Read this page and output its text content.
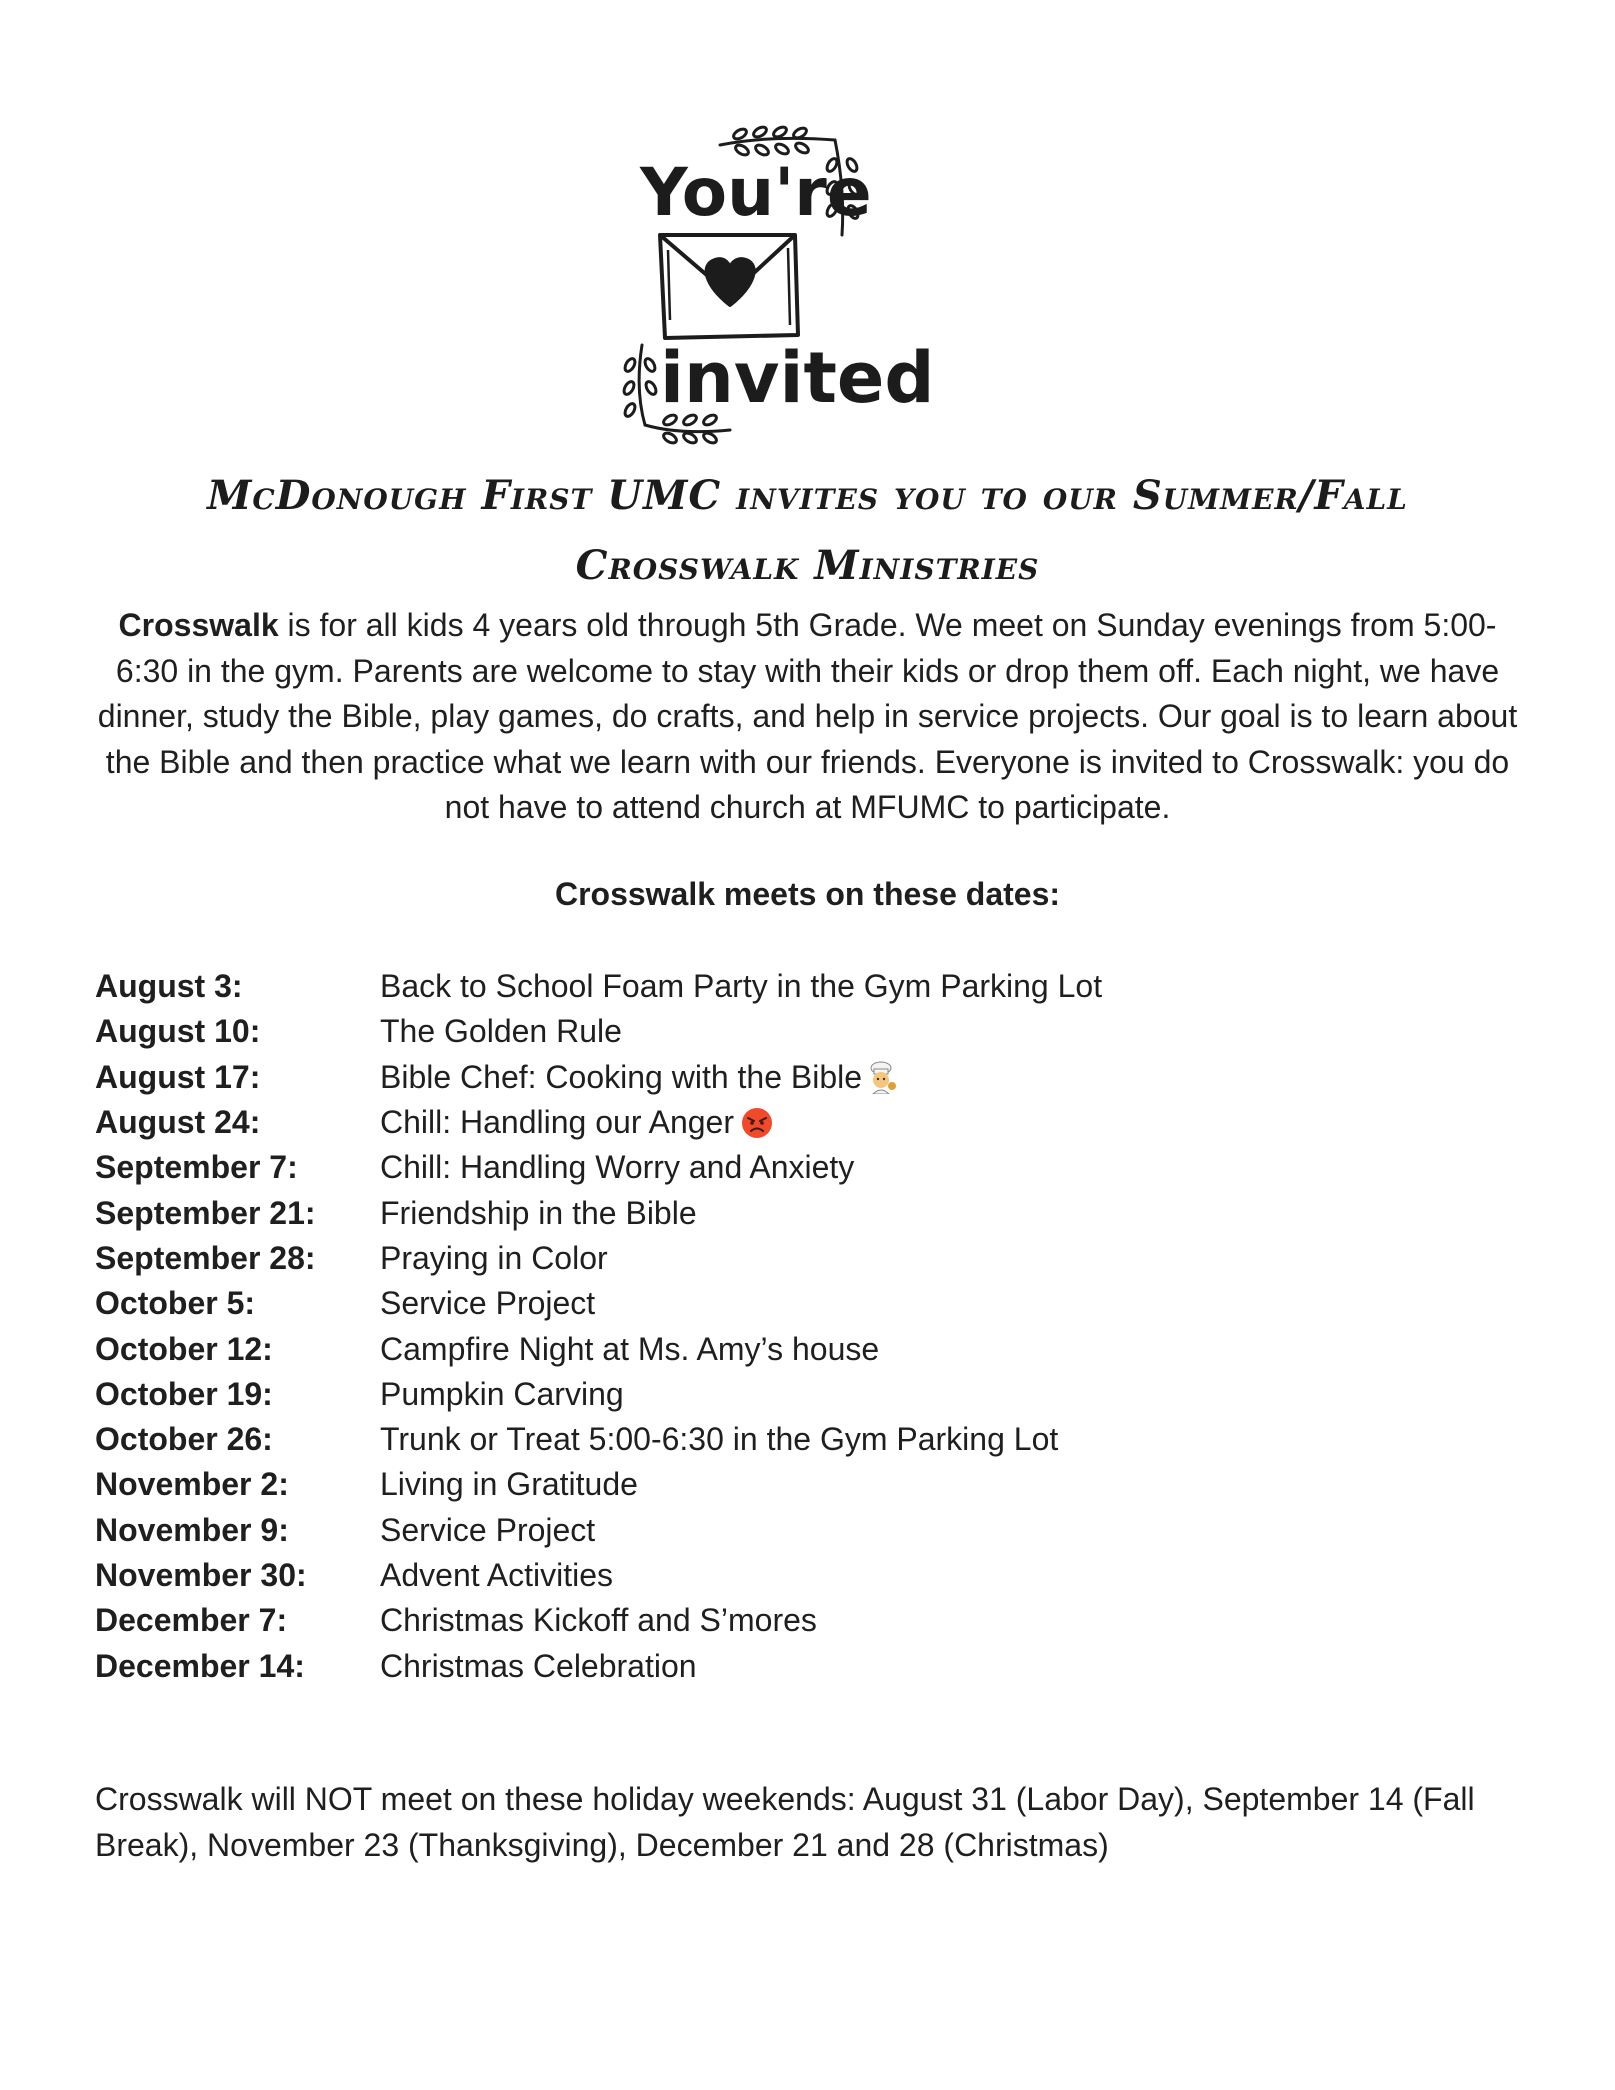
You're
invited
McDonough First UMC invites you to our Summer/Fall
Crosswalk Ministries
Crosswalk is for all kids 4 years old through 5th Grade. We meet on Sunday evenings from 5:00-6:30 in the gym. Parents are welcome to stay with their kids or drop them off. Each night, we have dinner, study the Bible, play games, do crafts, and help in service projects. Our goal is to learn about the Bible and then practice what we learn with our friends. Everyone is invited to Crosswalk: you do not have to attend church at MFUMC to participate.
Crosswalk meets on these dates:
August 3:	Back to School Foam Party in the Gym Parking Lot
August 10:	The Golden Rule
August 17:	Bible Chef: Cooking with the Bible
August 24:	Chill: Handling our Anger
September 7:	Chill: Handling Worry and Anxiety
September 21:	Friendship in the Bible
September 28:	Praying in Color
October 5:	Service Project
October 12:	Campfire Night at Ms. Amy’s house
October 19:	Pumpkin Carving
October 26:	Trunk or Treat 5:00-6:30 in the Gym Parking Lot
November 2:	Living in Gratitude
November 9:	Service Project
November 30:	Advent Activities
December 7:	Christmas Kickoff and S’mores
December 14:	Christmas Celebration
Crosswalk will NOT meet on these holiday weekends: August 31 (Labor Day), September 14 (Fall Break), November 23 (Thanksgiving), December 21 and 28 (Christmas)
